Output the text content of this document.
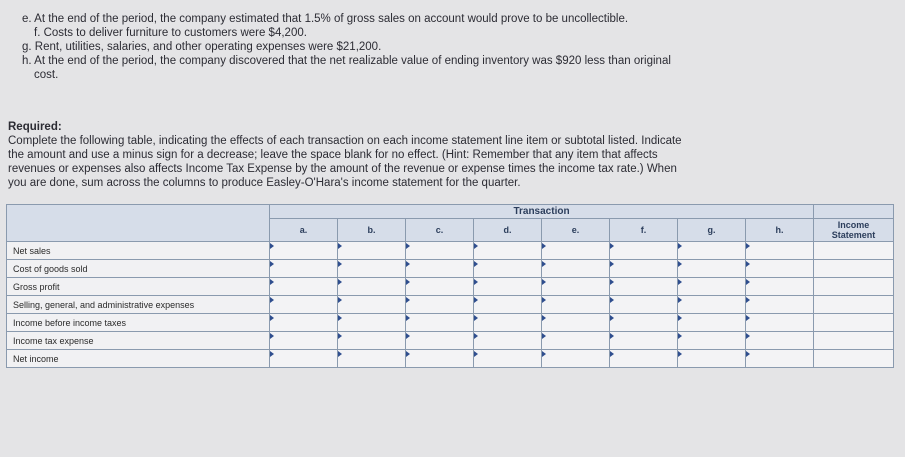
e. At the end of the period, the company estimated that 1.5% of gross sales on account would prove to be uncollectible.
f. Costs to deliver furniture to customers were $4,200.
g. Rent, utilities, salaries, and other operating expenses were $21,200.
h. At the end of the period, the company discovered that the net realizable value of ending inventory was $920 less than original
cost.
Required:
Complete the following table, indicating the effects of each transaction on each income statement line item or subtotal listed. Indicate
the amount and use a minus sign for a decrease; leave the space blank for no effect. (Hint: Remember that any item that affects
revenues or expenses also affects Income Tax Expense by the amount of the revenue or expense times the income tax rate.) When
you are done, sum across the columns to produce Easley-O'Hara's income statement for the quarter.
	Transaction								
	a.	b.	c.	d.	e.	f.	g.	h.	Income
Statement

Net sales									
Cost of goods sold									
Gross profit									
Selling, general, and administrative expenses									
Income before income taxes									
Income tax expense									
Net income									
